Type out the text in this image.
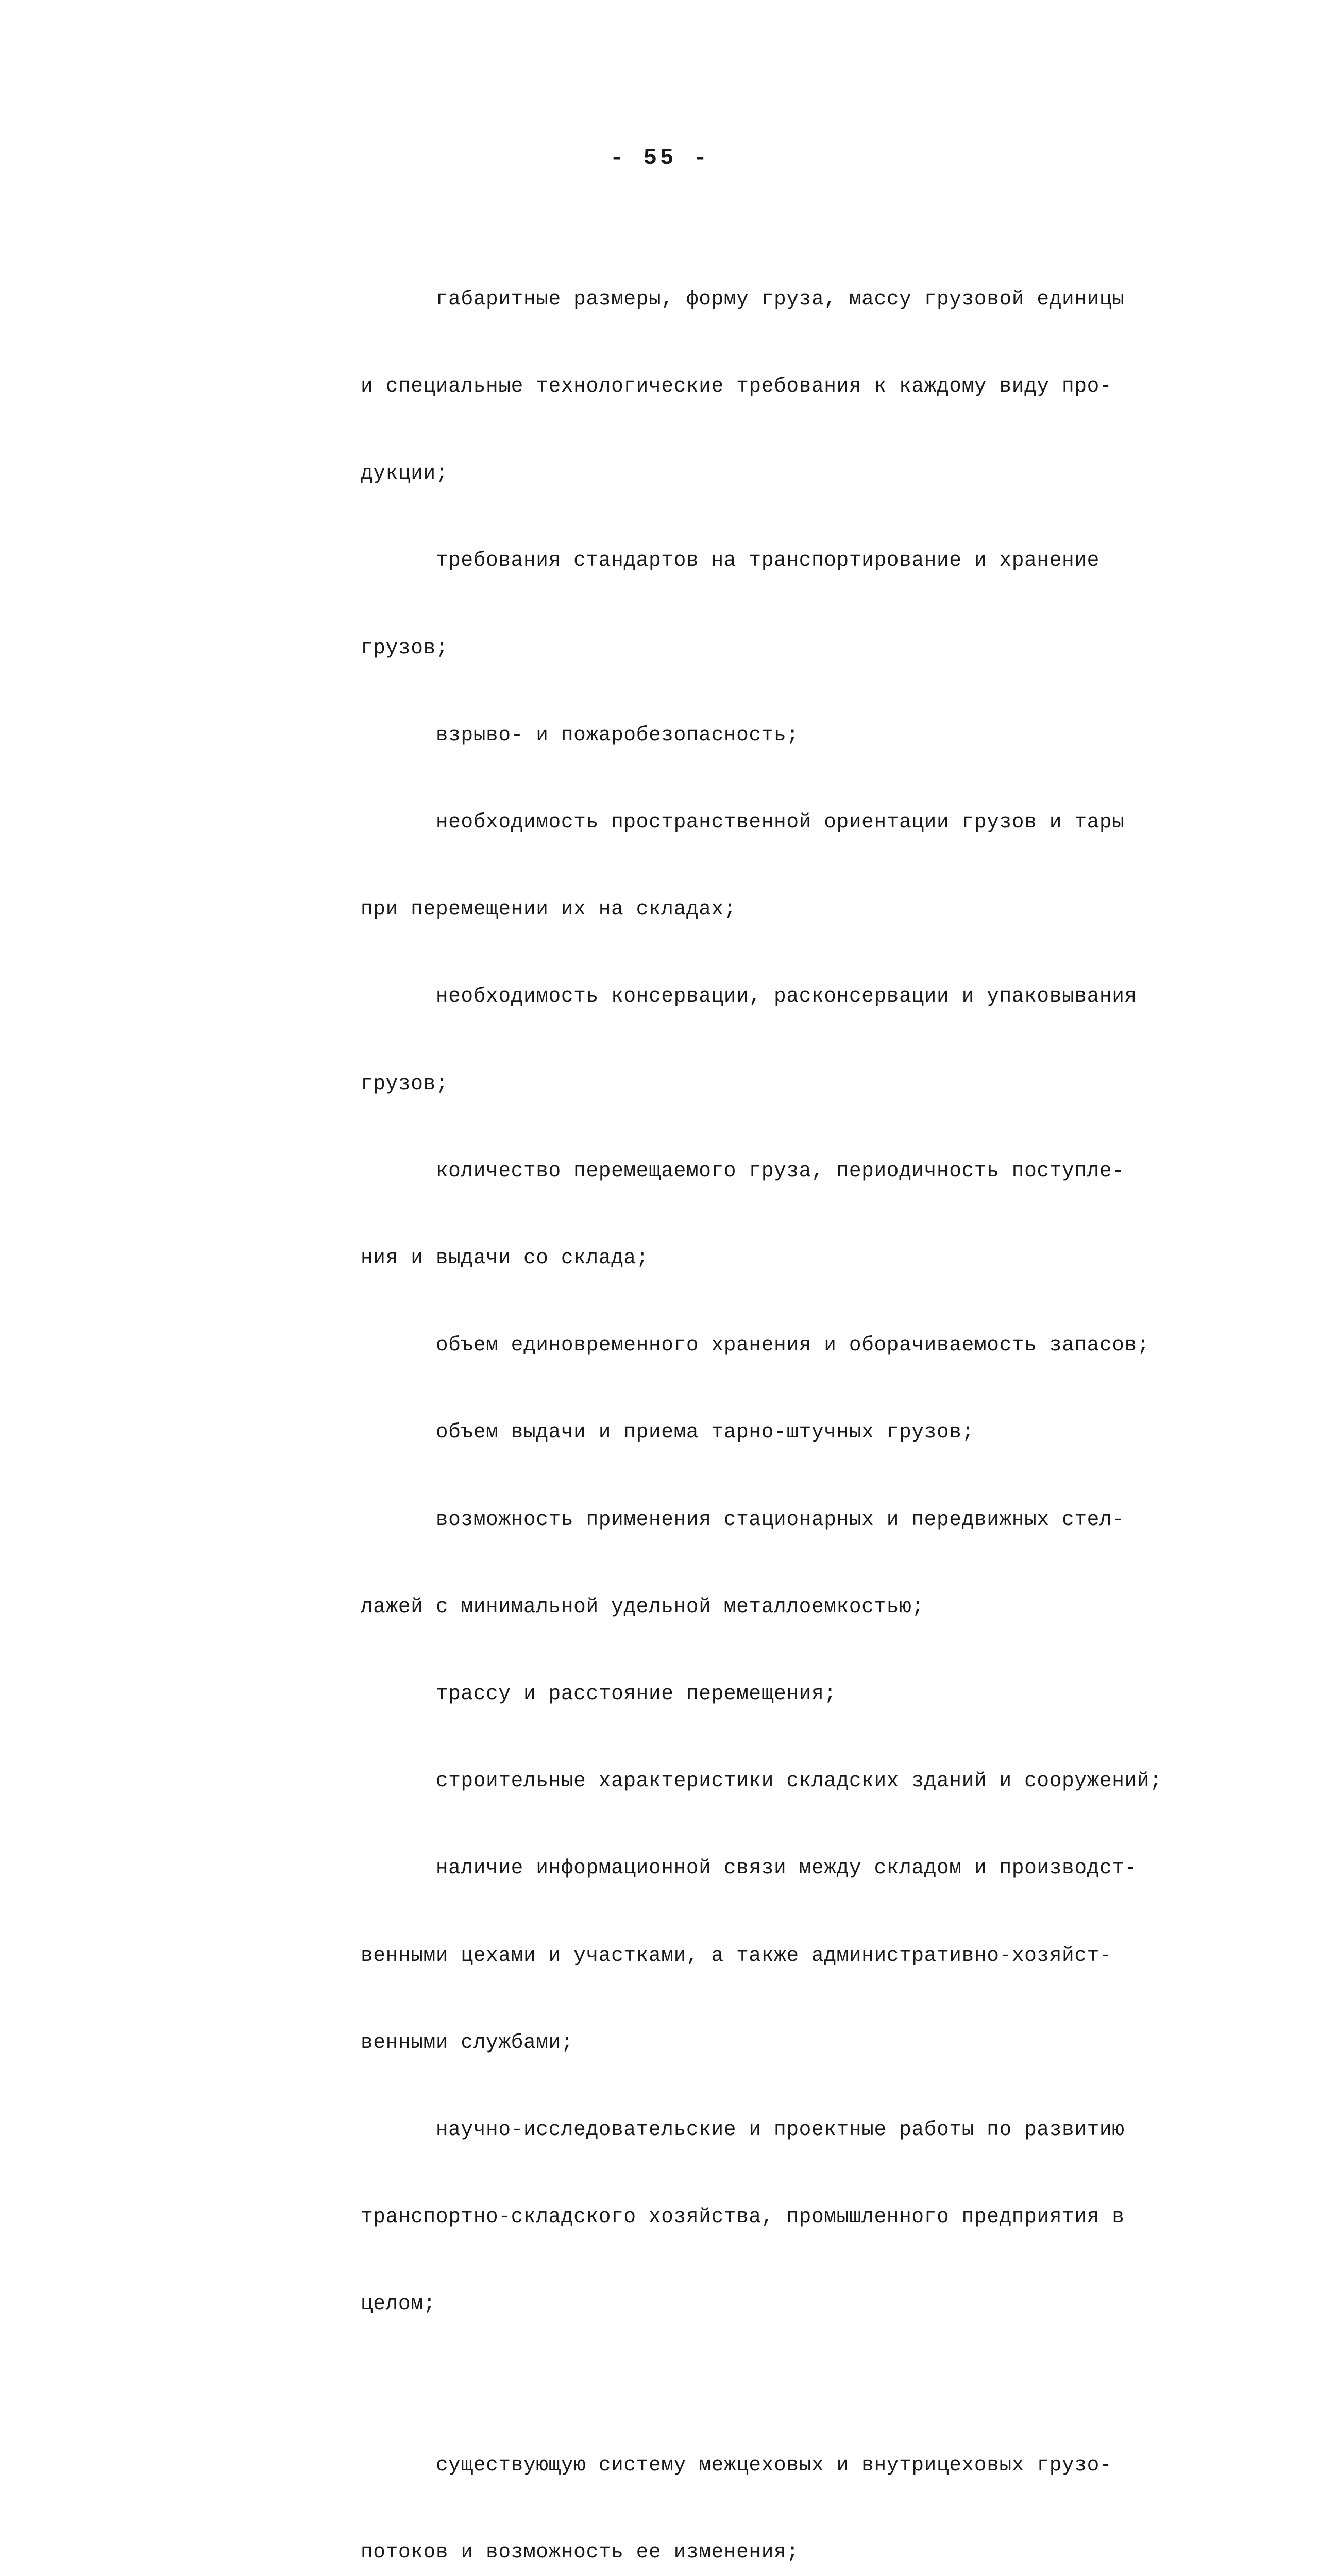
- 55 -

габаритные размеры, форму груза, массу грузовой единицы

и специальные технологические требования к каждому виду про-

дукции;

требования стандартов на транспортирование и хранение

грузов;

взрыво- и пожаробезопасность;

необходимость пространственной ориентации грузов и тары

при перемещении их на складах;

необходимость консервации, расконсервации и упаковывания

грузов;

количество перемещаемого груза, периодичность поступле-

ния и выдачи со склада;

объем единовременного хранения и оборачиваемость запасов;

объем выдачи и приема тарно-штучных грузов;

возможность применения стационарных и передвижных стел-

лажей с минимальной удельной металлоемкостью;

трассу и расстояние перемещения;

строительные характеристики складских зданий и сооружений;

наличие информационной связи между складом и производст-

венными цехами и участками, а также административно-хозяйст-

венными службами;

научно-исследовательские и проектные работы по развитию

транспортно-складского хозяйства, промышленного предприятия в

целом;

существующую систему межцеховых и внутрицеховых грузо-

потоков и возможность ее изменения;
